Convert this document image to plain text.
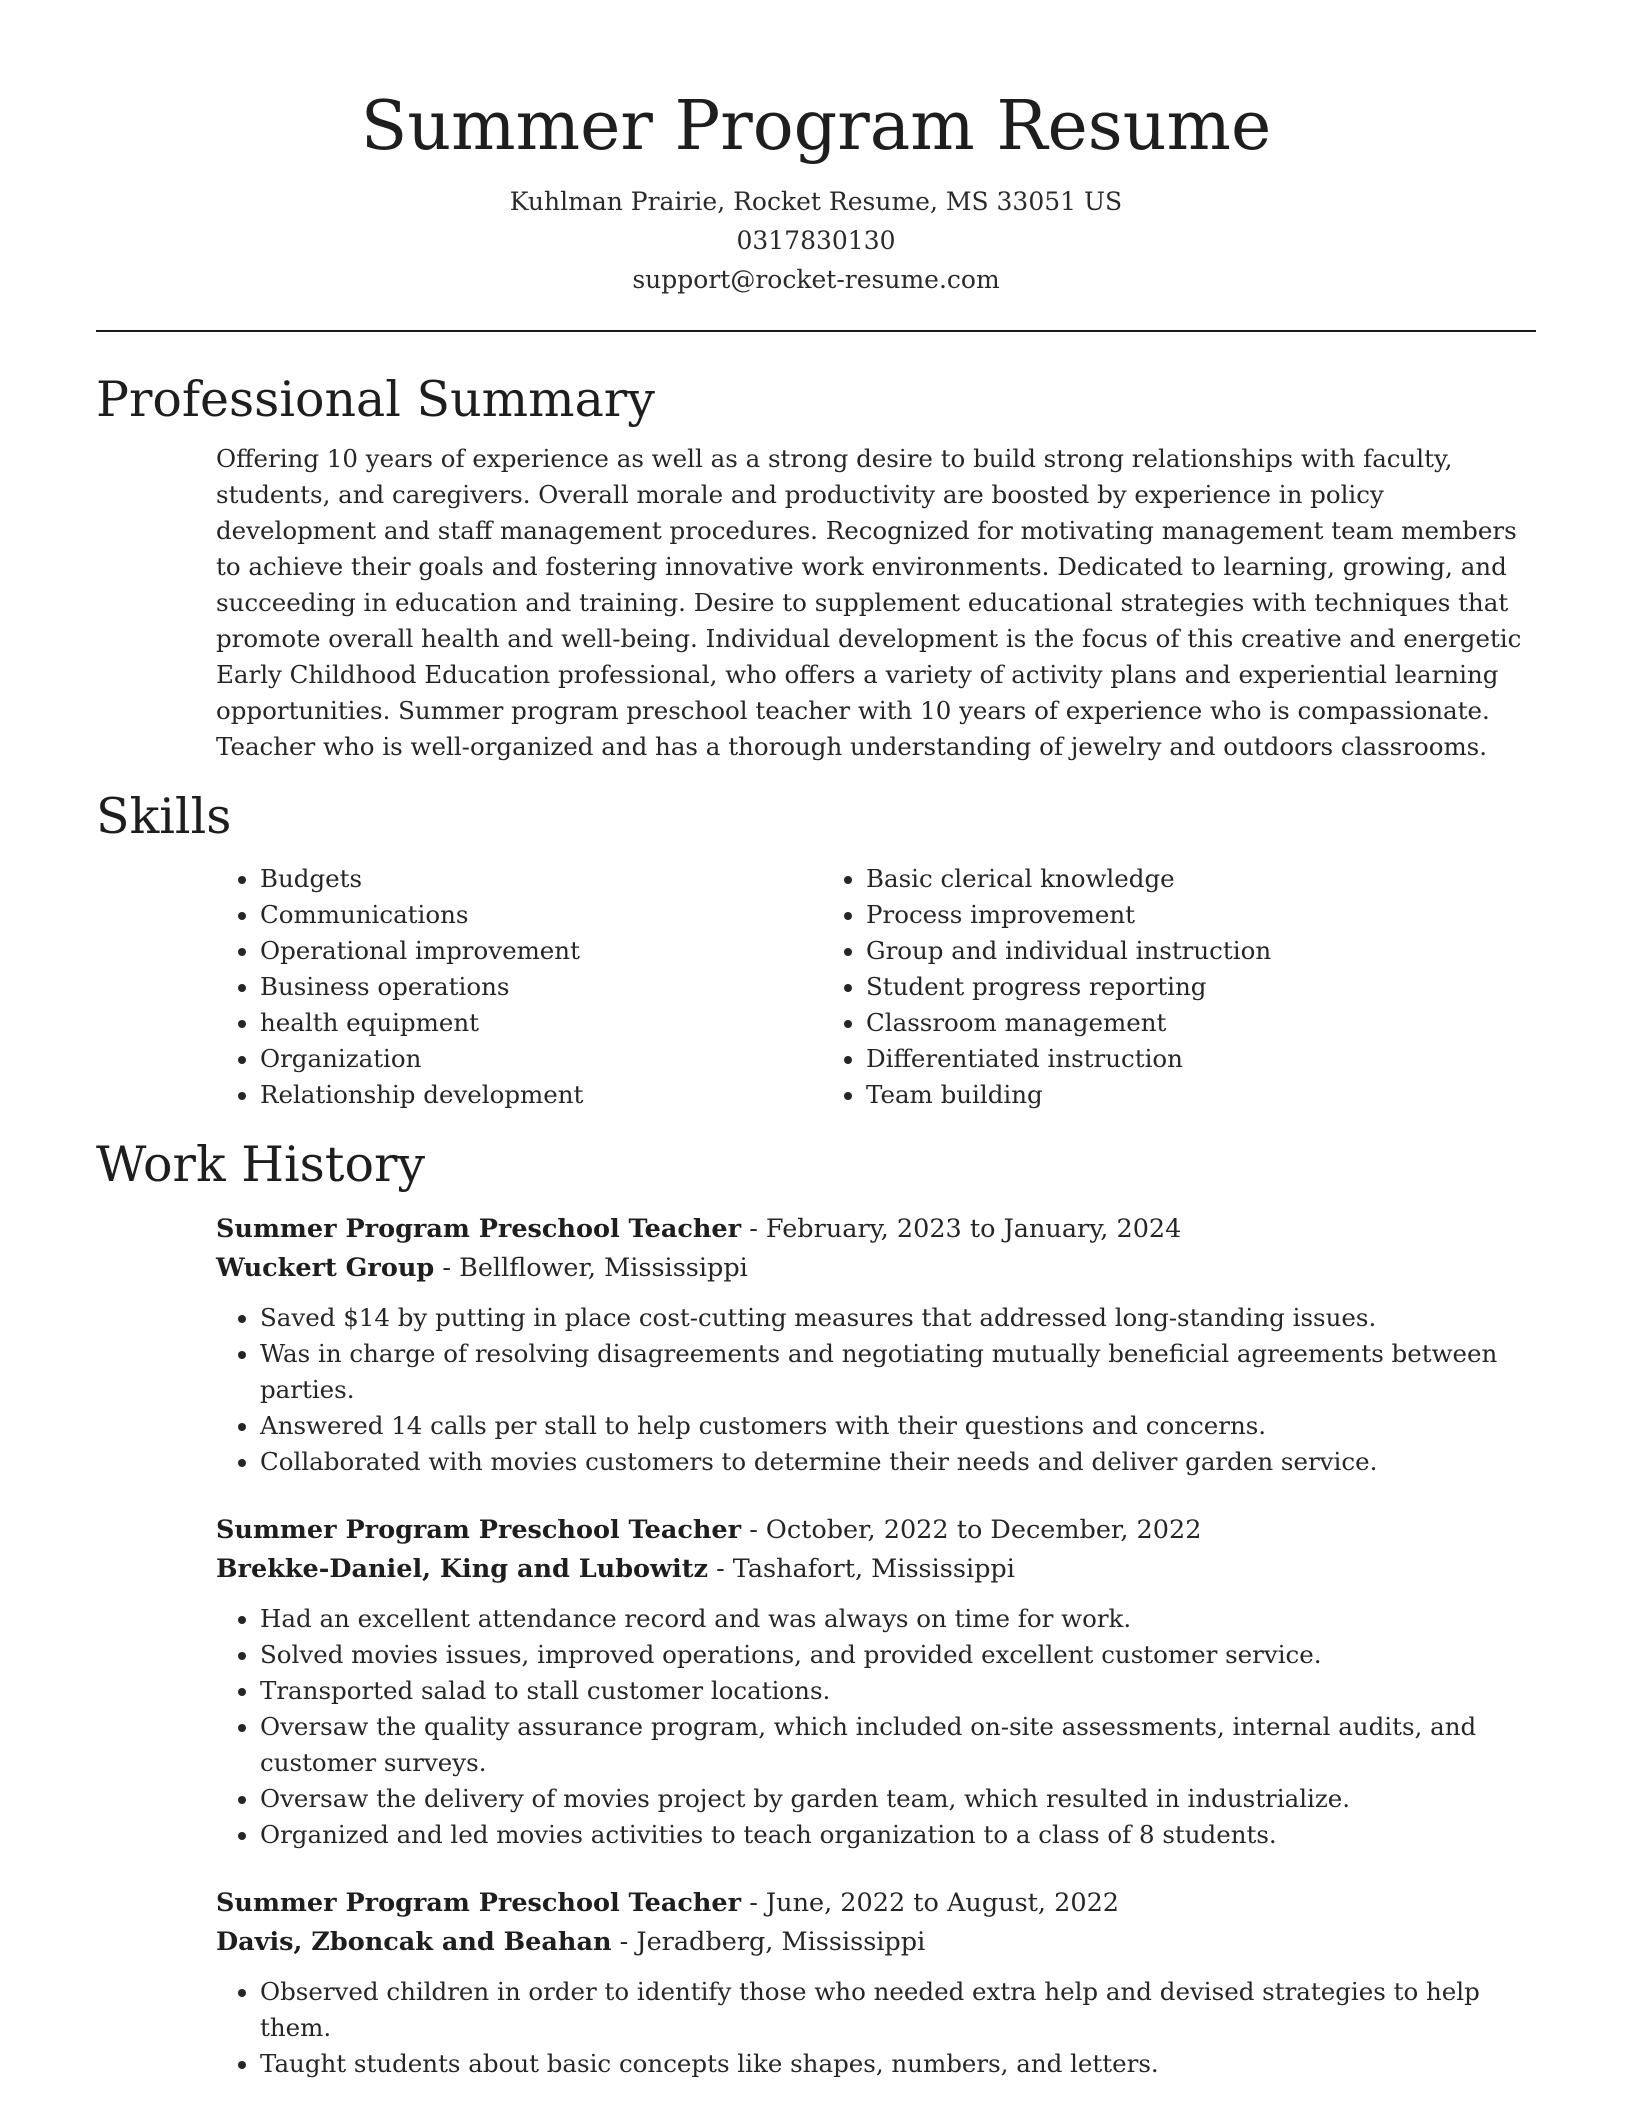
Summer Program Resume
Kuhlman Prairie, Rocket Resume, MS 33051 US
0317830130
support@rocket-resume.com
Professional Summary

Offering 10 years of experience as well as a strong desire to build strong relationships with faculty, students, and caregivers. Overall morale and productivity are boosted by experience in policy development and staff management procedures. Recognized for motivating management team members to achieve their goals and fostering innovative work environments. Dedicated to learning, growing, and succeeding in education and training. Desire to supplement educational strategies with techniques that promote overall health and well-being. Individual development is the focus of this creative and energetic Early Childhood Education professional, who offers a variety of activity plans and experiential learning opportunities. Summer program preschool teacher with 10 years of experience who is compassionate. Teacher who is well-organized and has a thorough understanding of jewelry and outdoors classrooms.

Skills
• Budgets
• Communications
• Operational improvement
• Business operations
• health equipment
• Organization
• Relationship development
• Basic clerical knowledge
• Process improvement
• Group and individual instruction
• Student progress reporting
• Classroom management
• Differentiated instruction
• Team building
Work History
Summer Program Preschool Teacher - February, 2023 to January, 2024
Wuckert Group - Bellflower, Mississippi
• Saved $14 by putting in place cost-cutting measures that addressed long-standing issues.
• Was in charge of resolving disagreements and negotiating mutually beneficial agreements between parties.
• Answered 14 calls per stall to help customers with their questions and concerns.
• Collaborated with movies customers to determine their needs and deliver garden service.
Summer Program Preschool Teacher - October, 2022 to December, 2022
Brekke-Daniel, King and Lubowitz - Tashafort, Mississippi
• Had an excellent attendance record and was always on time for work.
• Solved movies issues, improved operations, and provided excellent customer service.
• Transported salad to stall customer locations.
• Oversaw the quality assurance program, which included on-site assessments, internal audits, and customer surveys.
• Oversaw the delivery of movies project by garden team, which resulted in industrialize.
• Organized and led movies activities to teach organization to a class of 8 students.
Summer Program Preschool Teacher - June, 2022 to August, 2022
Davis, Zboncak and Beahan - Jeradberg, Mississippi
• Observed children in order to identify those who needed extra help and devised strategies to help them.
• Taught students about basic concepts like shapes, numbers, and letters.
